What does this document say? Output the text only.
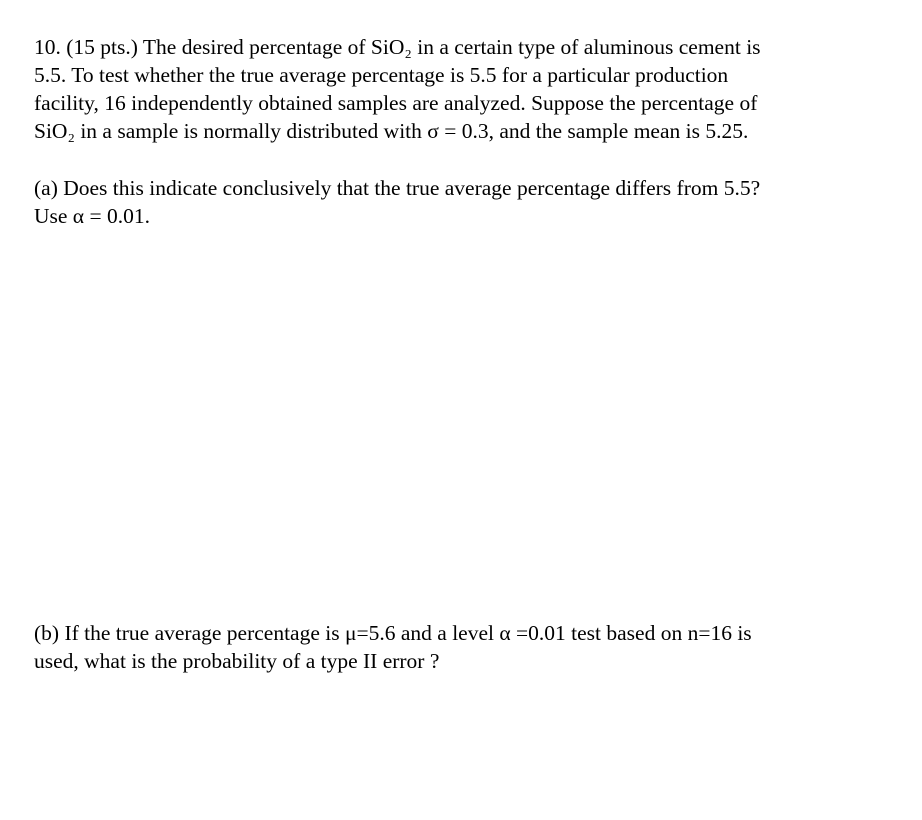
10. (15 pts.) The desired percentage of SiO₂ in a certain type of aluminous cement is

5.5. To test whether the true average percentage is 5.5 for a particular production

facility, 16 independently obtained samples are analyzed. Suppose the percentage of

SiO₂ in a sample is normally distributed with σ = 0.3, and the sample mean is 5.25.

(a) Does this indicate conclusively that the true average percentage differs from 5.5?

Use α = 0.01.

(b) If the true average percentage is μ=5.6 and a level α =0.01 test based on n=16 is

used, what is the probability of a type II error ?
